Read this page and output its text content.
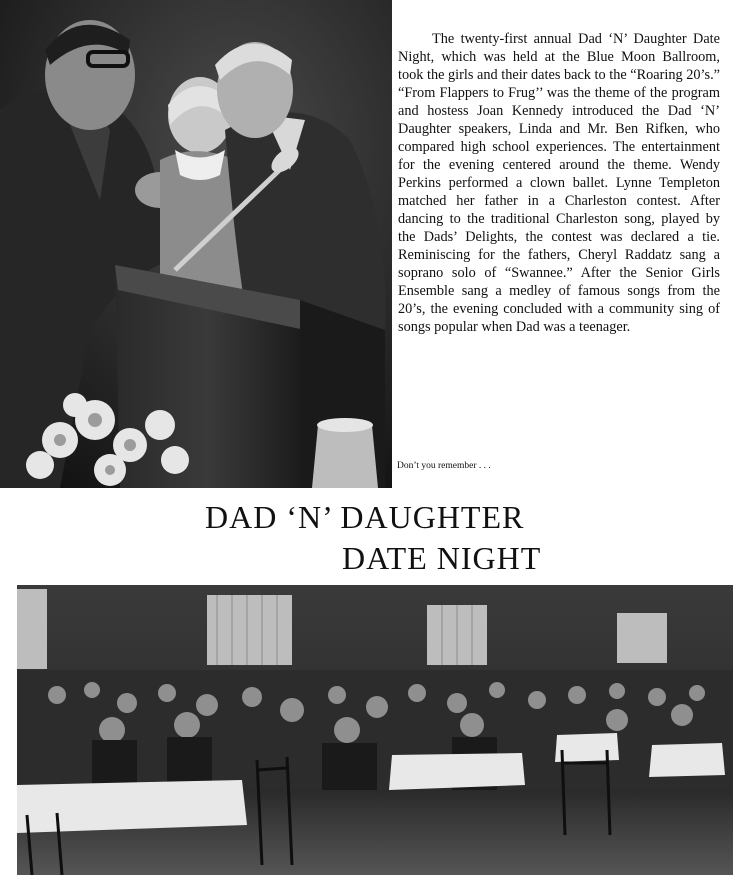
The twenty-first annual Dad ‘N’ Daughter Date Night, which was held at the Blue Moon Ballroom, took the girls and their dates back to the “Roaring 20’s.” “From Flappers to Frug’’ was the theme of the program and hostess Joan Kennedy introduced the Dad ‘N’ Daughter speakers, Linda and Mr. Ben Rifken, who compared high school experiences. The entertainment for the evening centered around the theme. Wendy Perkins performed a clown ballet. Lynne Templeton matched her father in a Charleston contest. After dancing to the traditional Charleston song, played by the Dads’ Delights, the contest was declared a tie. Reminiscing for the fathers, Cheryl Raddatz sang a soprano solo of “Swannee.” After the Senior Girls Ensemble sang a medley of famous songs from the 20’s, the evening concluded with a community sing of songs popular when Dad was a teenager.

Don’t you remember . . .
DAD ‘N’ DAUGHTER
DATE NIGHT
